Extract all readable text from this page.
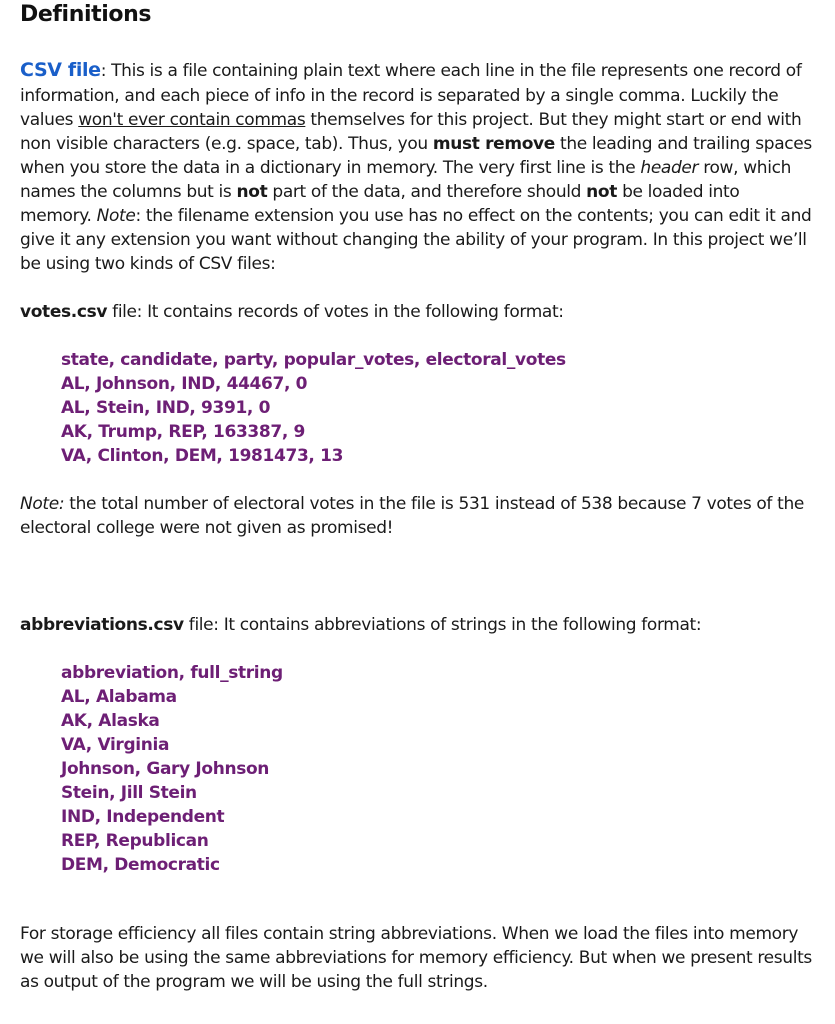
Definitions
CSV file: This is a file containing plain text where each line in the file represents one record of
information, and each piece of info in the record is separated by a single comma. Luckily the
values won't ever contain commas themselves for this project. But they might start or end with
non visible characters (e.g. space, tab). Thus, you must remove the leading and trailing spaces
when you store the data in a dictionary in memory. The very first line is the header row, which
names the columns but is not part of the data, and therefore should not be loaded into
memory. Note: the filename extension you use has no effect on the contents; you can edit it and
give it any extension you want without changing the ability of your program. In this project we’ll
be using two kinds of CSV files:
votes.csv file: It contains records of votes in the following format:
state, candidate, party, popular_votes, electoral_votes
AL, Johnson, IND, 44467, 0
AL, Stein, IND, 9391, 0
AK, Trump, REP, 163387, 9
VA, Clinton, DEM, 1981473, 13
Note: the total number of electoral votes in the file is 531 instead of 538 because 7 votes of the
electoral college were not given as promised!
abbreviations.csv file: It contains abbreviations of strings in the following format:
abbreviation, full_string
AL, Alabama
AK, Alaska
VA, Virginia
Johnson, Gary Johnson
Stein, Jill Stein
IND, Independent
REP, Republican
DEM, Democratic
For storage efficiency all files contain string abbreviations. When we load the files into memory
we will also be using the same abbreviations for memory efficiency. But when we present results
as output of the program we will be using the full strings.
